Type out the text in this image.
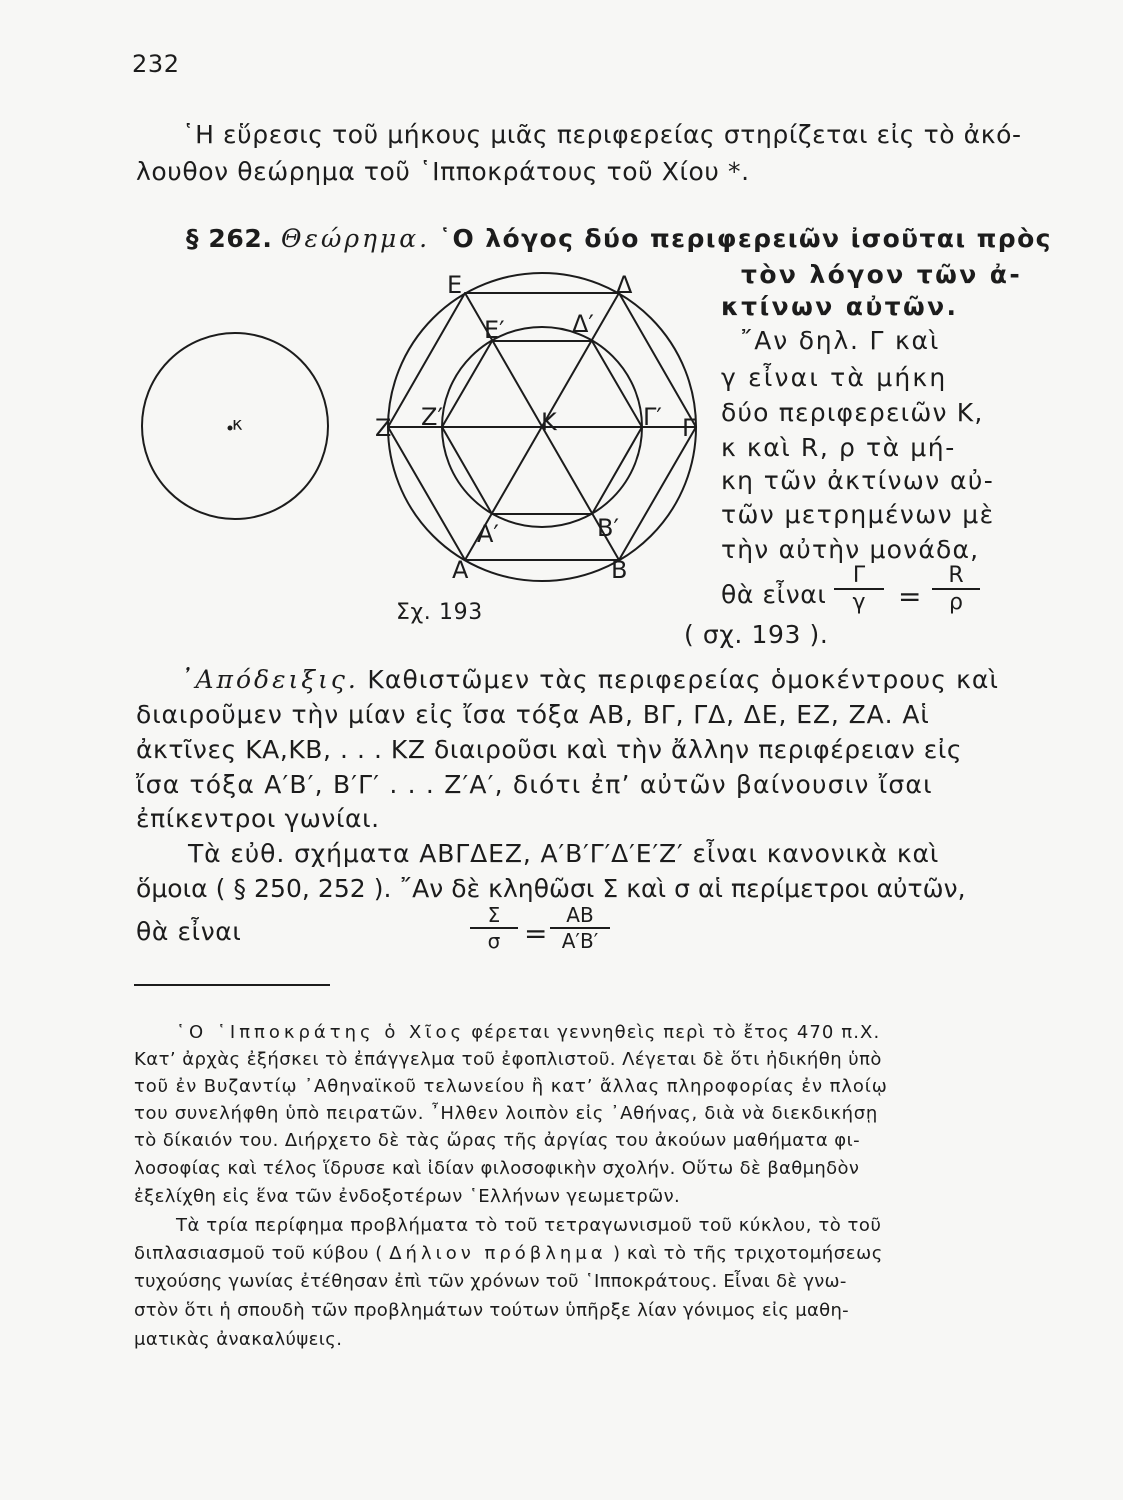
232
῾Η εὕρεσις τοῦ μήκους μιᾶς περιφερείας στηρίζεται εἰς τὸ ἀκό-
λουθον θεώρημα τοῦ ῾Ιπποκράτους τοῦ Χίου *.
§ 262. Θεώρημα. ῾Ο λόγος δύο περιφερειῶν ἰσοῦται πρὸς
τὸν λόγον τῶν ἀ-
κτίνων αὐτῶν.
῎Αν δηλ. Γ καὶ
γ εἶναι τὰ μήκη
δύο περιφερειῶν Κ,
κ καὶ R, ρ τὰ μή-
κη τῶν ἀκτίνων αὐ-
τῶν μετρημένων μὲ
τὴν αὐτὴν μονάδα,
θὰ εἶναι $\frac{\Gamma}{\gamma} = \frac{R}{\rho}$
( σχ. 193 ).
κ
Ε	Δ
Ζ	Γ
Α	Β
Κ
Ε′	Δ′
Ζ′	Γ′
Α′	Β′
Σχ. 193
᾿Απόδειξις. Καθιστῶμεν τὰς περιφερείας ὁμοκέντρους καὶ
διαιροῦμεν τὴν μίαν εἰς ἴσα τόξα ΑΒ, ΒΓ, ΓΔ, ΔΕ, ΕΖ, ΖΑ. Αἱ
ἀκτῖνες ΚΑ,ΚΒ, . . . ΚΖ διαιροῦσι καὶ τὴν ἄλλην περιφέρειαν εἰς
ἴσα τόξα Α′Β′, Β′Γ′ . . . Ζ′Α′, διότι ἐπ’ αὐτῶν βαίνουσιν ἴσαι
ἐπίκεντροι γωνίαι.
Τὰ εὐθ. σχήματα ΑΒΓΔΕΖ, Α′Β′Γ′Δ′Ε′Ζ′ εἶναι κανονικὰ καὶ
ὅμοια ( § 250, 252 ). ῎Αν δὲ κληθῶσι Σ καὶ σ αἱ περίμετροι αὐτῶν,
θὰ εἶναι	$\frac{\Sigma}{\sigma} = \frac{AB}{A'B'}$
῾Ο ῾Ιπποκράτης ὁ Χῖος φέρεται γεννηθεὶς περὶ τὸ ἔτος 470 π.Χ.
Κατ’ ἀρχὰς ἐξήσκει τὸ ἐπάγγελμα τοῦ ἐφοπλιστοῦ. Λέγεται δὲ ὅτι ἠδικήθη ὑπὸ
τοῦ ἐν Βυζαντίῳ ᾿Αθηναϊκοῦ τελωνείου ἢ κατ’ ἄλλας πληροφορίας ἐν πλοίῳ
του συνελήφθη ὑπὸ πειρατῶν. ῏Ηλθεν λοιπὸν εἰς ᾿Αθήνας, διὰ νὰ διεκδικήσῃ
τὸ δίκαιόν του. Διήρχετο δὲ τὰς ὥρας τῆς ἀργίας του ἀκούων μαθήματα φι-
λοσοφίας καὶ τέλος ἵδρυσε καὶ ἰδίαν φιλοσοφικὴν σχολήν. Οὕτω δὲ βαθμηδὸν
ἐξελίχθη εἰς ἕνα τῶν ἐνδοξοτέρων ῾Ελλήνων γεωμετρῶν.
Τὰ τρία περίφημα προβλήματα τὸ τοῦ τετραγωνισμοῦ τοῦ κύκλου, τὸ τοῦ
διπλασιασμοῦ τοῦ κύβου ( Δήλιον πρόβλημα ) καὶ τὸ τῆς τριχοτομήσεως
τυχούσης γωνίας ἐτέθησαν ἐπὶ τῶν χρόνων τοῦ ῾Ιπποκράτους. Εἶναι δὲ γνω-
στὸν ὅτι ἡ σπουδὴ τῶν προβλημάτων τούτων ὑπῆρξε λίαν γόνιμος εἰς μαθη-
ματικὰς ἀνακαλύψεις.
